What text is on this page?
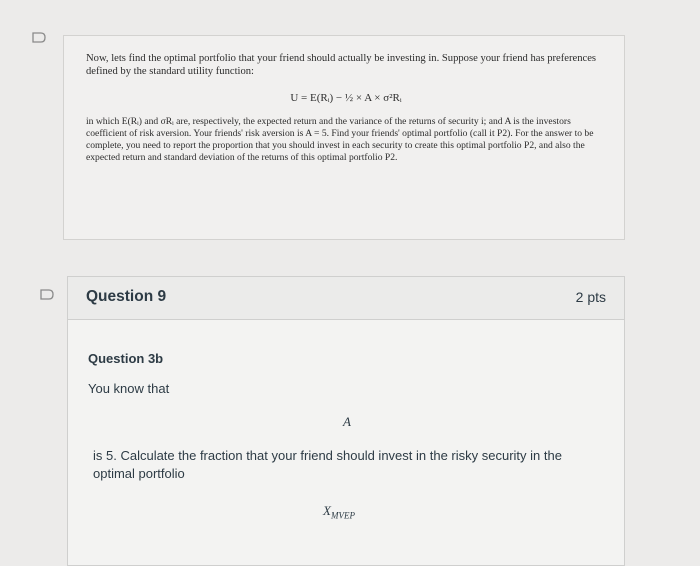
Now, lets find the optimal portfolio that your friend should actually be investing in. Suppose your friend has preferences defined by the standard utility function:

U = E(Rᵢ) − ½ × A × σ²Rᵢ

in which E(Rᵢ) and σRᵢ are, respectively, the expected return and the variance of the returns of security i; and A is the investors coefficient of risk aversion. Your friends' risk aversion is A = 5. Find your friends' optimal portfolio (call it P2). For the answer to be complete, you need to report the proportion that you should invest in each security to create this optimal portfolio P2, and also the expected return and standard deviation of the returns of this optimal portfolio P2.

Question 9	2 pts

Question 3b

You know that

A
is 5. Calculate the fraction that your friend should invest in the risky security in the optimal portfolio
$X_{MVEP}$
